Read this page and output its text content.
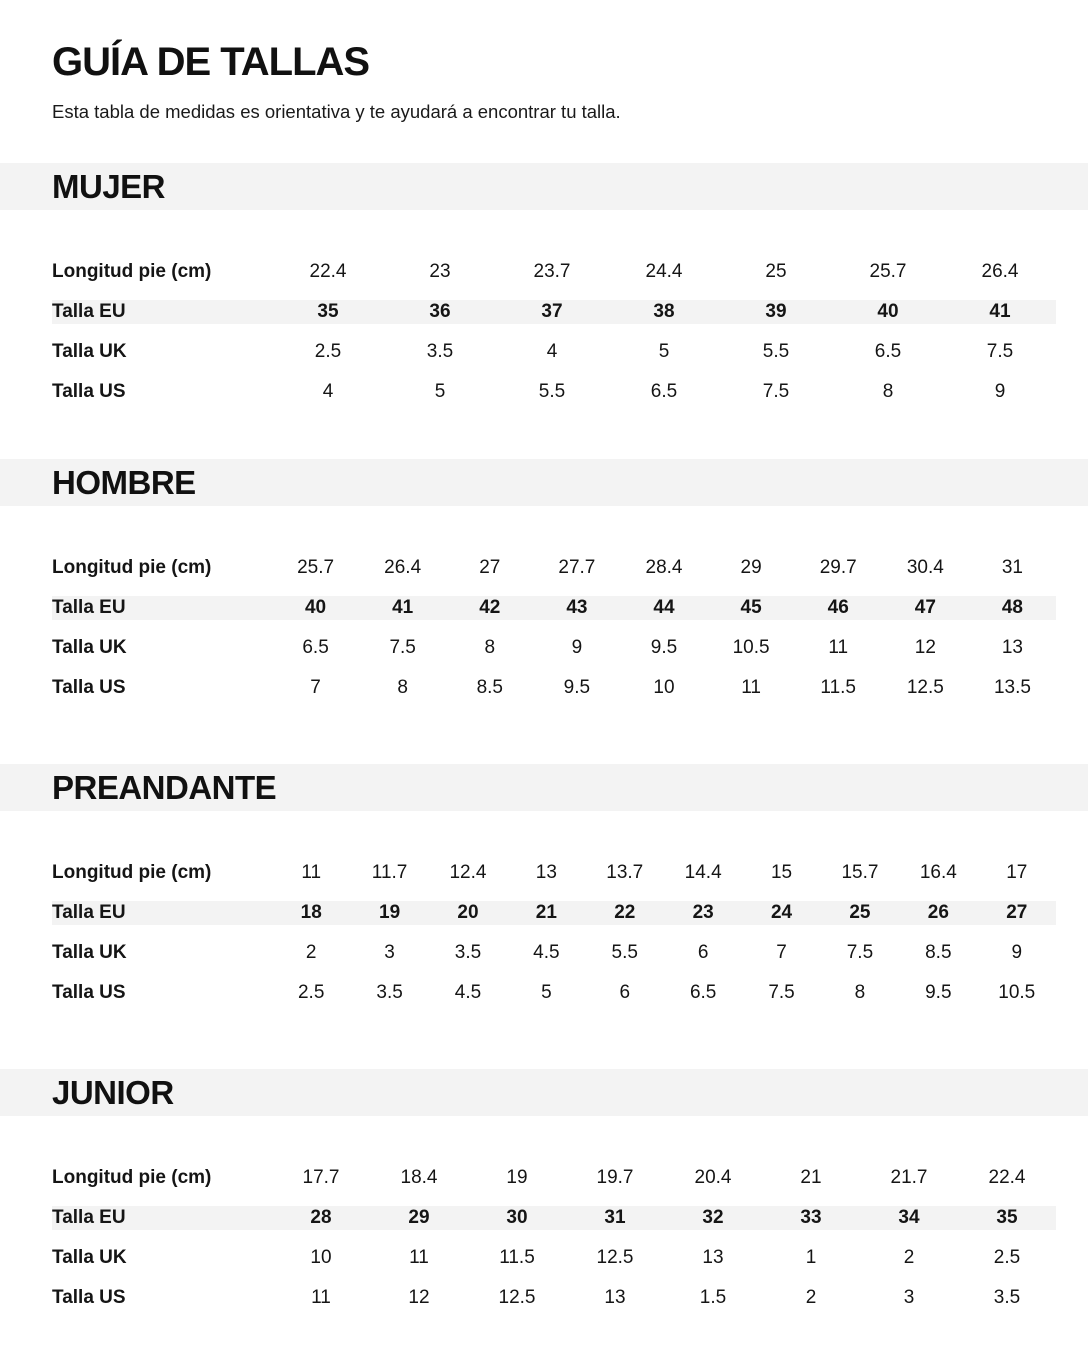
GUÍA DE TALLAS

Esta tabla de medidas es orientativa y te ayudará a encontrar tu talla.

MUJER
Longitud pie (cm)	22.4	23	23.7	24.4	25	25.7	26.4
Talla EU	35	36	37	38	39	40	41
Talla UK	2.5	3.5	4	5	5.5	6.5	7.5
Talla US	4	5	5.5	6.5	7.5	8	9
HOMBRE
Longitud pie (cm)	25.7	26.4	27	27.7	28.4	29	29.7	30.4	31
Talla EU	40	41	42	43	44	45	46	47	48
Talla UK	6.5	7.5	8	9	9.5	10.5	11	12	13
Talla US	7	8	8.5	9.5	10	11	11.5	12.5	13.5
PREANDANTE
Longitud pie (cm)	11	11.7	12.4	13	13.7	14.4	15	15.7	16.4	17
Talla EU	18	19	20	21	22	23	24	25	26	27
Talla UK	2	3	3.5	4.5	5.5	6	7	7.5	8.5	9
Talla US	2.5	3.5	4.5	5	6	6.5	7.5	8	9.5	10.5
JUNIOR
Longitud pie (cm)	17.7	18.4	19	19.7	20.4	21	21.7	22.4
Talla EU	28	29	30	31	32	33	34	35
Talla UK	10	11	11.5	12.5	13	1	2	2.5
Talla US	11	12	12.5	13	1.5	2	3	3.5
